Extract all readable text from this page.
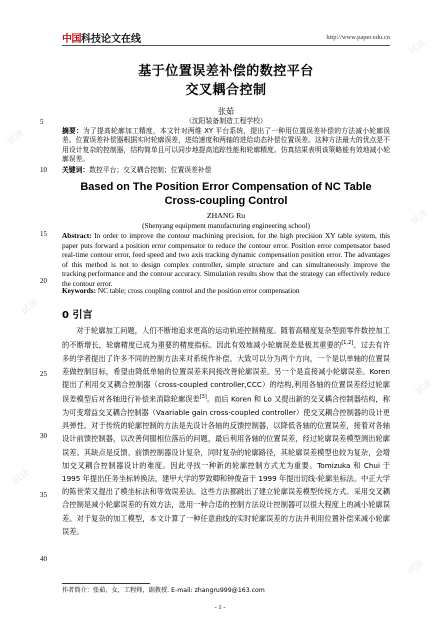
试读
试读
试读
试读
试读
试读
试读
中国 科技论文在线	http://www.paper.edu.cn
基于位置误差补偿的数控平台
交叉耦合控制
张茹
（沈阳装备制造工程学校）
摘要：为了提高轮廓加工精度，本文针对两维 XY 平台系统，提出了一种用位置误差补偿的方法减小轮廓误差。位置误差补偿器根据实时轮廓误差，进给速度和两轴的进给动态补偿位置误差。这种方法最大的优点是不用设计复杂的控制器，结构简单且可以同步地提高追踪性能和轮廓精度。仿真结果表明该策略能有效地减小轮廓误差。
关键词：数控平台；交叉耦合控制；位置误差补偿
Based on The Position Error Compensation of NC Table
Cross-coupling Control
ZHANG Ru
(Shenyang equipment manufacturing engineering school)
Abstract: In order to improve the contour machining precision, for the high precision XY table system, this paper puts forward a position error compensator to reduce the contour error. Position error compensator based real-time contour error, feed speed and two axis tracking dynamic compensation position error. The advantages of this method is not to design complex controller, simple structure and can simultaneously improve the tracking performance and the contour accuracy. Simulation results show that the strategy can effectively reduce the contour error.
Keywords: NC table; cross coupling control and the position error compensation
0 引言
对于轮廓加工问题，人们不断地追求更高的运动轨迹控制精度。随着高精度复杂型面零件数控加工的不断增长，轮廓精度已成为重要的精度指标。因此有效地减小轮廓误差是极其重要的[1,2]。过去有许多的学者提出了许多不同的控制方法来对系统作补偿，大致可以分为两个方向，一个是以单轴的位置误差做控制目标，希望由降低单轴的位置误差来间接改善轮廓误差。另一个是直接减小轮廓误差。Koren 提出了利用交叉耦合控制器（cross-coupled controller,CCC）的结构,利用各轴的位置误差经过轮廓误差模型后对各轴进行补偿来消除轮廓误差[3]。而后 Koren 和 Lo 又提出新的交叉耦合控制器结构，称为可变增益交叉耦合控制器（Vaariable gain cross-coupled controller）使交叉耦合控制器的设计更具弹性。对于传统的轮廓控制的方法是先设计各轴的反馈控制器，以降低各轴的位置误差，接着对各轴设计前馈控制器，以改善伺服相位落后的问题，最后利用各轴的位置误差，经过轮廓误差模型测出轮廓误差。其缺点是反馈、前馈控制器设计复杂，同时复杂的轮廓路径，其轮廓误差模型也较为复杂，会增加交叉耦合控制器设计的难度。因此寻找一种新的轮廓控制方式尤为重要。Tomizuka 和 Chui 于 1995 年提出任务坐标转换法，建甲大学的罗致卿和钟俊奋于 1999 年提出切线-轮廓坐标法。中正大学的陈世荣又提出了模坐标法和等效误差法。这些方法都跳出了建立轮廓误差模型传统方式。采用交叉耦合控制是减小轮廓误差的有效方法，选用一种合适的控制方法设计控制器可以很大程度上的减小轮廓误差。对于复杂的加工模型，本文计算了一种任意曲线的实时轮廓误差的方法并利用位置补偿来减小轮廓误差。
5
10
15
20
25
30
35
40
作者简介：张茹，女，工程师，副教授. E-mail: zhangru999@163.com
- 1 -
